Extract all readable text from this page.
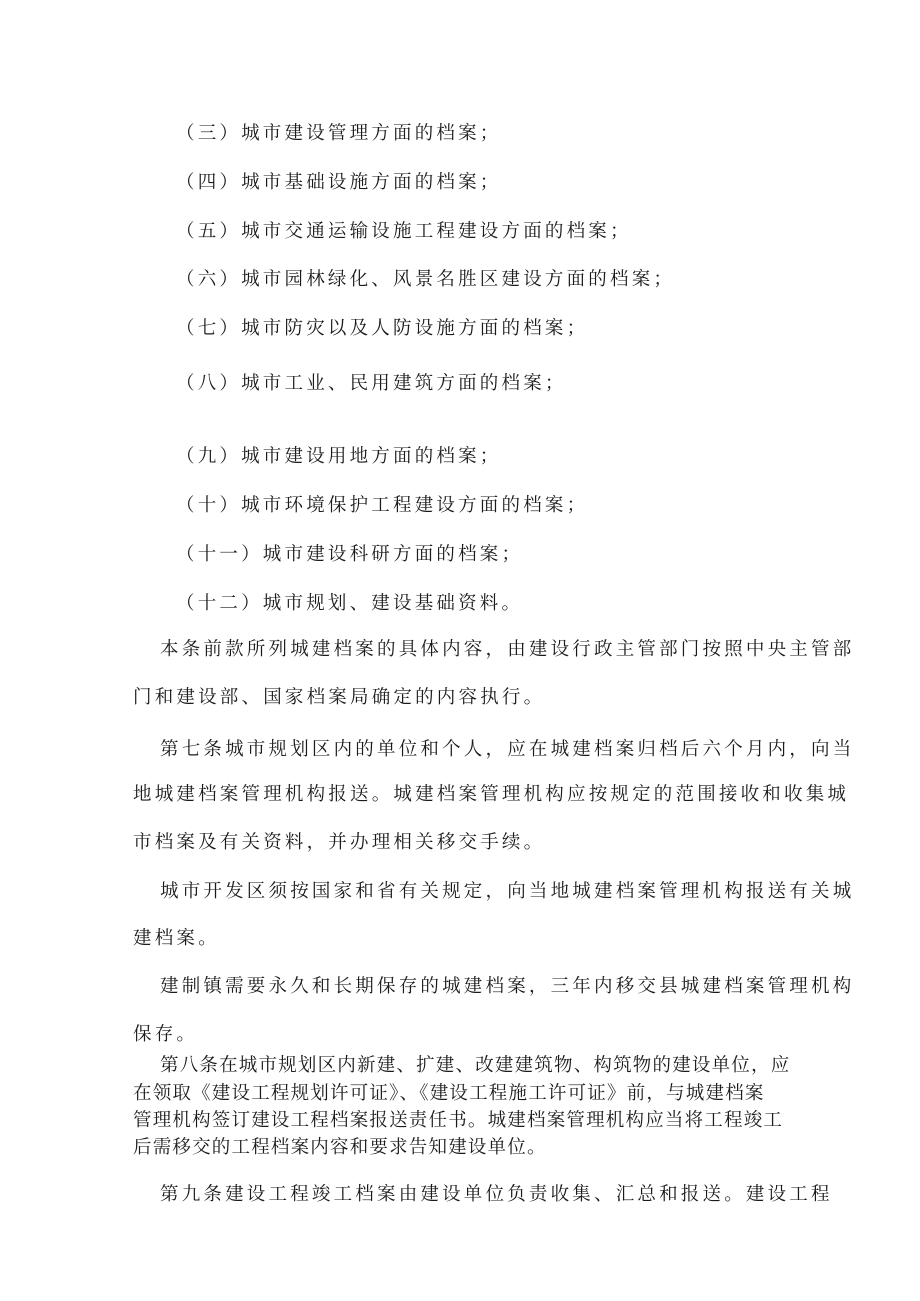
（三）城市建设管理方面的档案；
（四）城市基础设施方面的档案；
（五）城市交通运输设施工程建设方面的档案；
（六）城市园林绿化、风景名胜区建设方面的档案；
（七）城市防灾以及人防设施方面的档案；
（八）城市工业、民用建筑方面的档案；
（九）城市建设用地方面的档案；
（十）城市环境保护工程建设方面的档案；
（十一）城市建设科研方面的档案；
（十二）城市规划、建设基础资料。
本条前款所列城建档案的具体内容，由建设行政主管部门按照中央主管部
门和建设部、国家档案局确定的内容执行。
第七条城市规划区内的单位和个人，应在城建档案归档后六个月内，向当
地城建档案管理机构报送。城建档案管理机构应按规定的范围接收和收集城
市档案及有关资料，并办理相关移交手续。
城市开发区须按国家和省有关规定，向当地城建档案管理机构报送有关城
建档案。
建制镇需要永久和长期保存的城建档案，三年内移交县城建档案管理机构
保存。
第八条在城市规划区内新建、扩建、改建建筑物、构筑物的建设单位，应
在领取《建设工程规划许可证》、《建设工程施工许可证》前，与城建档案
管理机构签订建设工程档案报送责任书。城建档案管理机构应当将工程竣工
后需移交的工程档案内容和要求告知建设单位。
第九条建设工程竣工档案由建设单位负责收集、汇总和报送。建设工程
